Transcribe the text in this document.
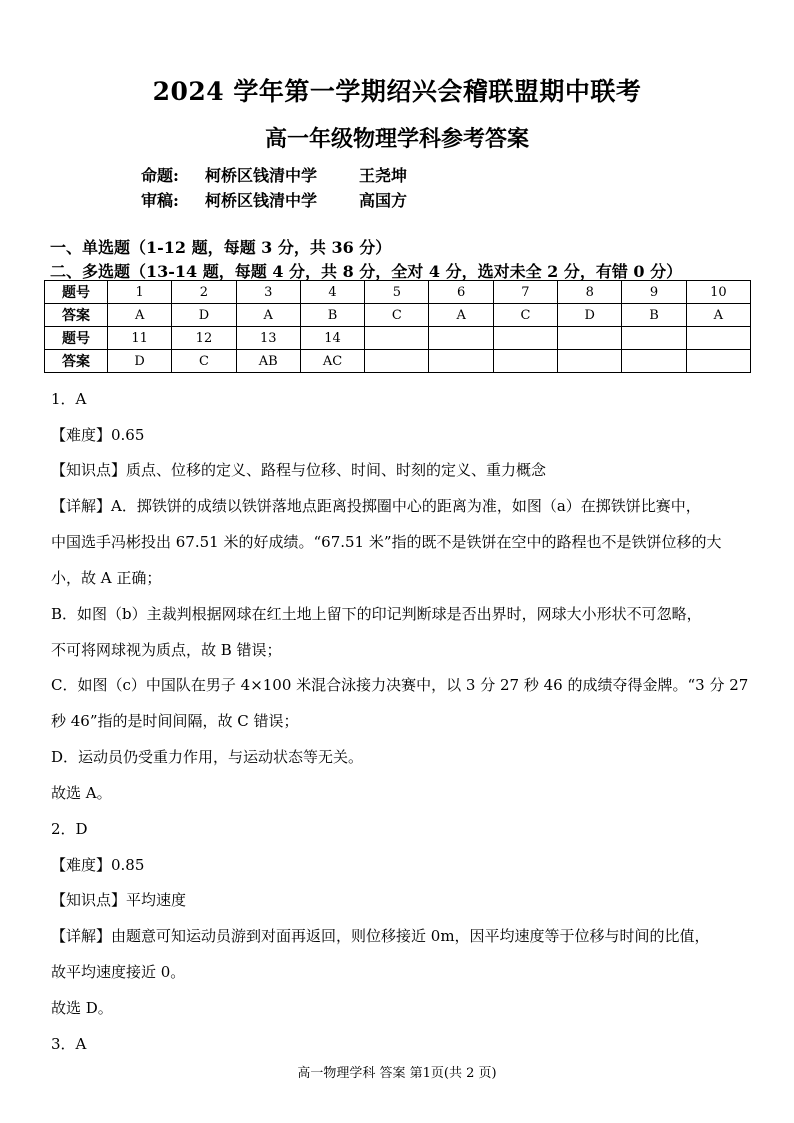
2024 学年第一学期绍兴会稽联盟期中联考
高一年级物理学科参考答案
命题: 柯桥区钱清中学	王尧坤
审稿: 柯桥区钱清中学	高国方
一、单选题（1-12 题，每题 3 分，共 36 分）
二、多选题（13-14 题，每题 4 分，共 8 分，全对 4 分，选对未全 2 分，有错 0 分）
题号	1	2	3	4	5	6	7	8	9	10
答案	A	D	A	B	C	A	C	D	B	A
题号	11	12	13	14						
答案	D	C	AB	AC						
1．A
【难度】0.65
【知识点】质点、位移的定义、路程与位移、时间、时刻的定义、重力概念
【详解】A．掷铁饼的成绩以铁饼落地点距离投掷圈中心的距离为准，如图（a）在掷铁饼比赛中，
中国选手冯彬投出 67.51 米的好成绩。“67.51 米”指的既不是铁饼在空中的路程也不是铁饼位移的大
小，故 A 正确；
B．如图（b）主裁判根据网球在红土地上留下的印记判断球是否出界时，网球大小形状不可忽略，
不可将网球视为质点，故 B 错误；
C．如图（c）中国队在男子 4×100 米混合泳接力决赛中，以 3 分 27 秒 46 的成绩夺得金牌。“3 分 27
秒 46”指的是时间间隔，故 C 错误；
D．运动员仍受重力作用，与运动状态等无关。
故选 A。
2．D
【难度】0.85
【知识点】平均速度
【详解】由题意可知运动员游到对面再返回，则位移接近 0m，因平均速度等于位移与时间的比值，
故平均速度接近 0。
故选 D。
3．A
高一物理学科 答案 第1页(共 2 页)
